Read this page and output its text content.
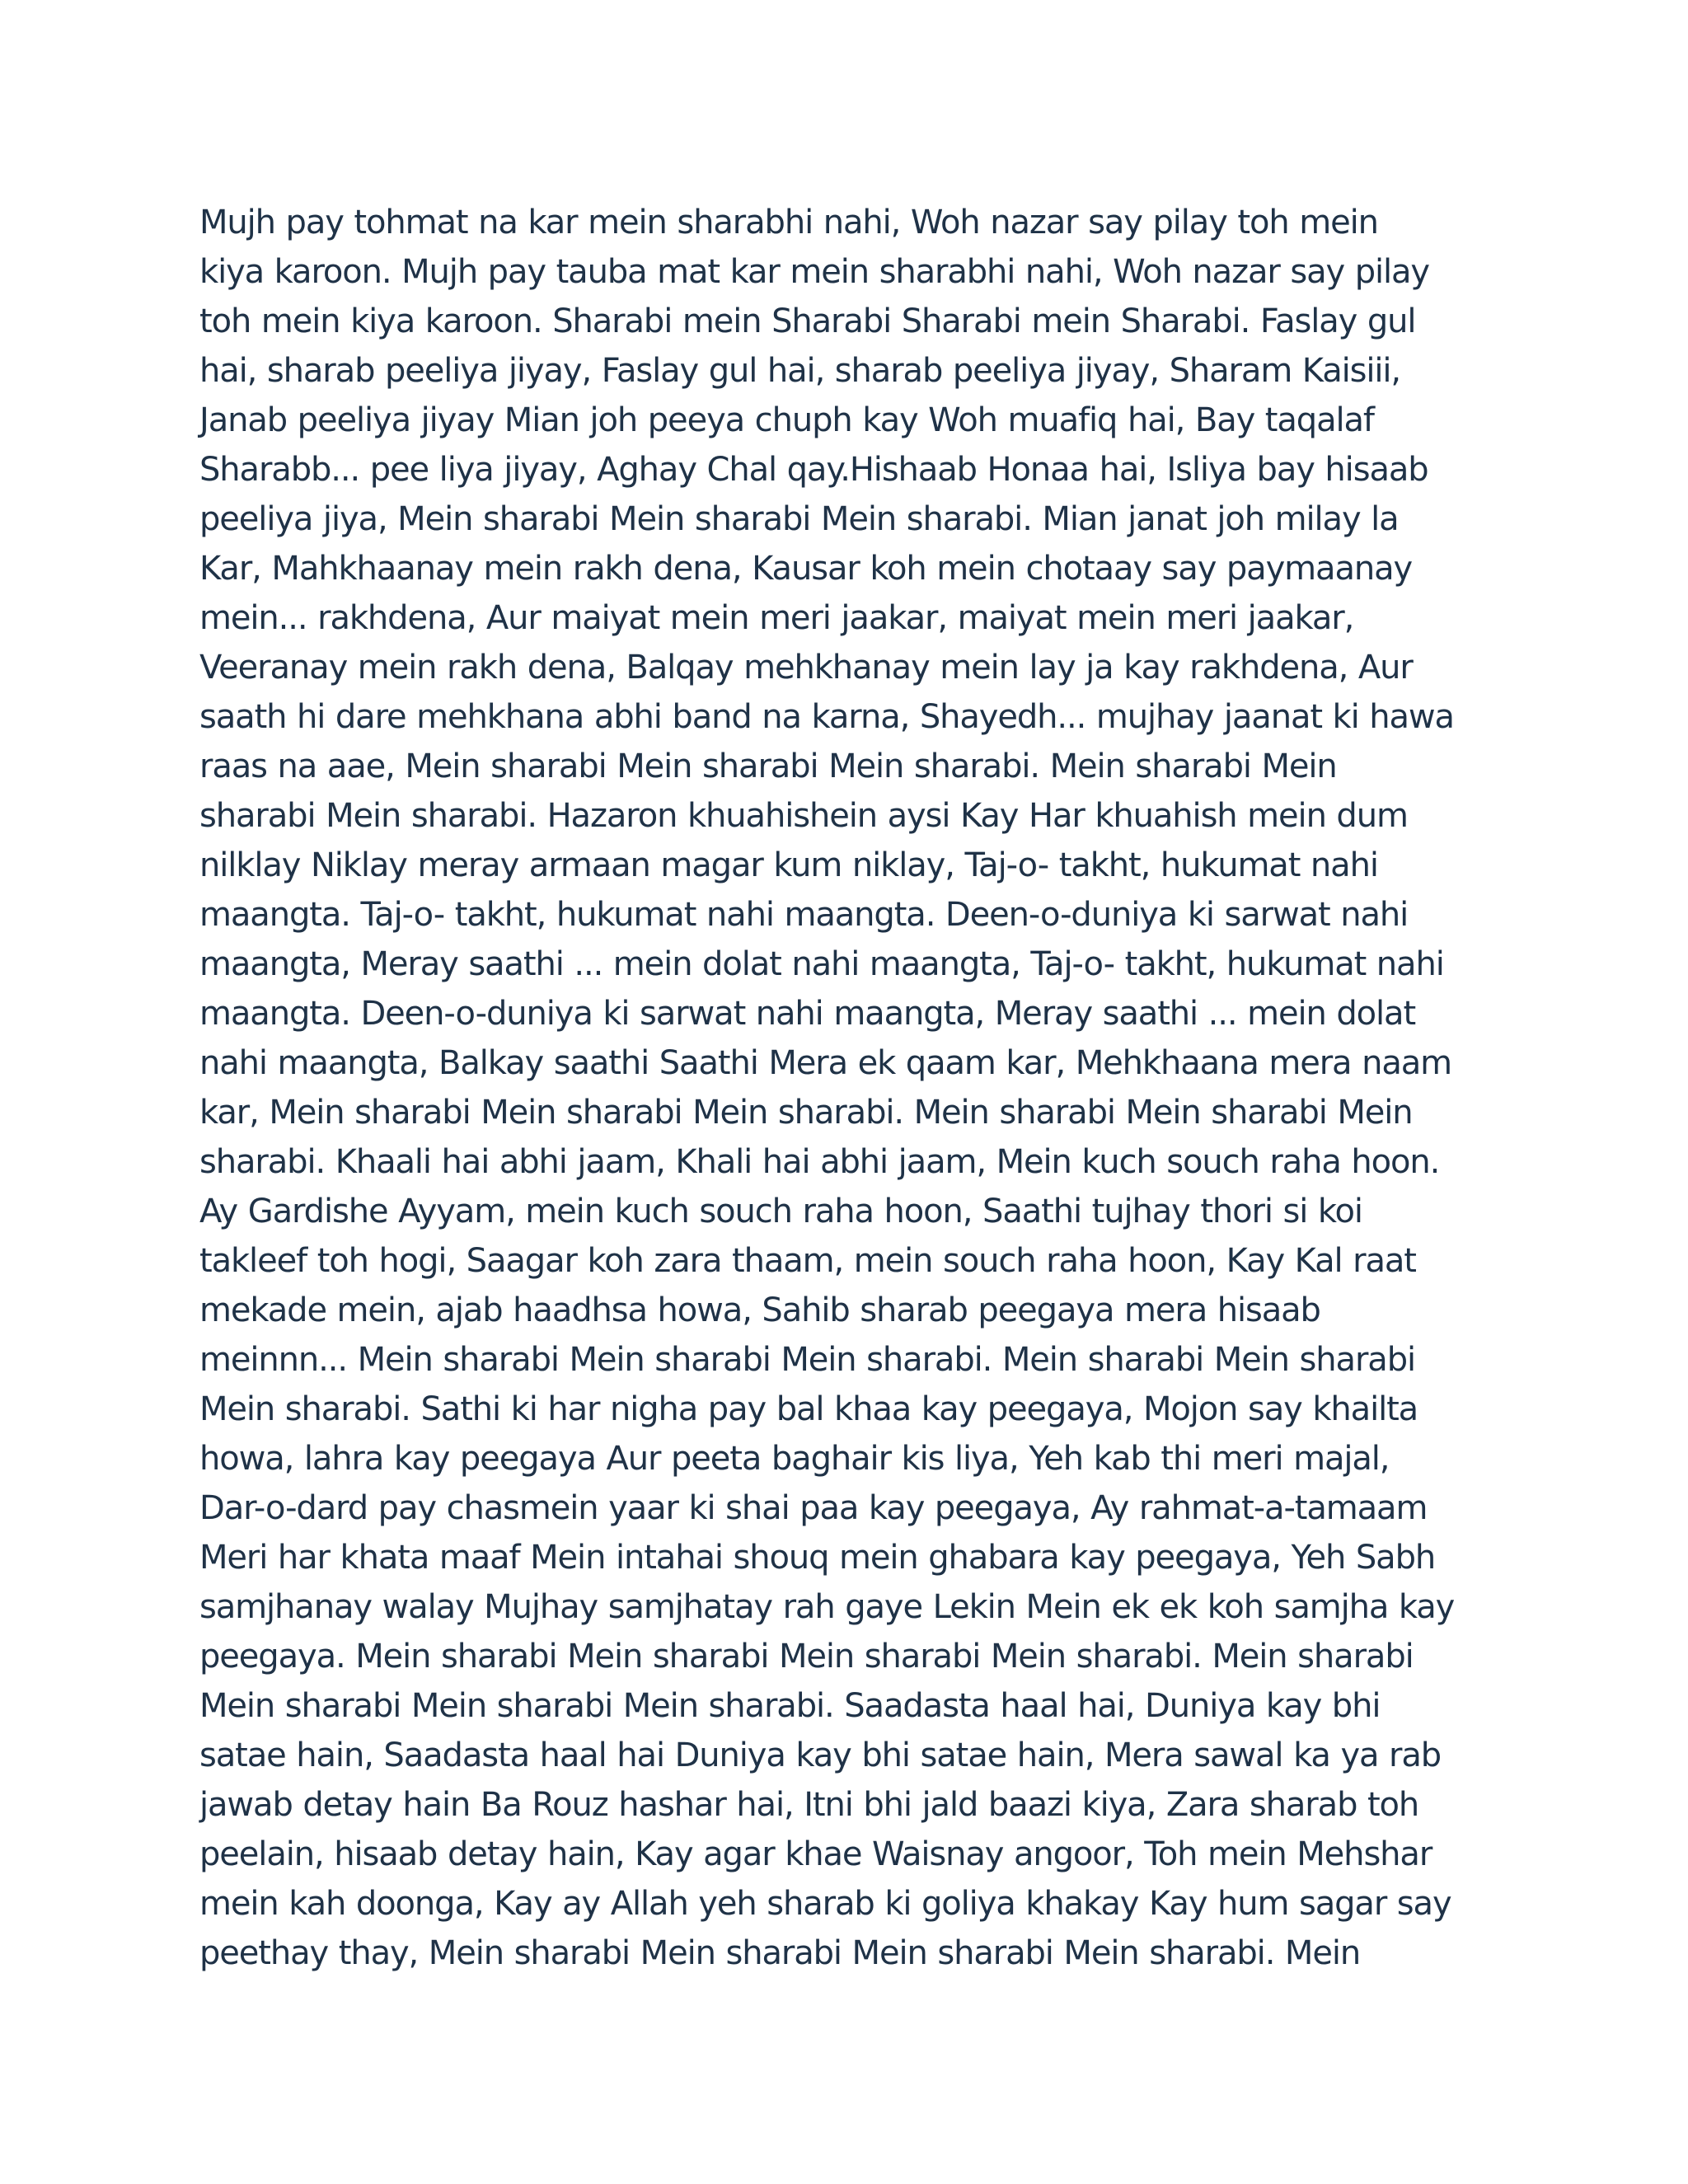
Mujh pay tohmat na kar mein sharabhi nahi, Woh nazar say pilay toh mein
kiya karoon. Mujh pay tauba mat kar mein sharabhi nahi, Woh nazar say pilay
toh mein kiya karoon. Sharabi mein Sharabi Sharabi mein Sharabi. Faslay gul
hai, sharab peeliya jiyay, Faslay gul hai, sharab peeliya jiyay, Sharam Kaisiii,
Janab peeliya jiyay Mian joh peeya chuph kay Woh muafiq hai, Bay taqalaf
Sharabb... pee liya jiyay, Aghay Chal qay.Hishaab Honaa hai, Isliya bay hisaab
peeliya jiya, Mein sharabi Mein sharabi Mein sharabi. Mian janat joh milay la
Kar, Mahkhaanay mein rakh dena, Kausar koh mein chotaay say paymaanay
mein... rakhdena, Aur maiyat mein meri jaakar, maiyat mein meri jaakar,
Veeranay mein rakh dena, Balqay mehkhanay mein lay ja kay rakhdena, Aur
saath hi dare mehkhana abhi band na karna, Shayedh... mujhay jaanat ki hawa
raas na aae, Mein sharabi Mein sharabi Mein sharabi. Mein sharabi Mein
sharabi Mein sharabi. Hazaron khuahishein aysi Kay Har khuahish mein dum
nilklay Niklay meray armaan magar kum niklay, Taj-o- takht, hukumat nahi
maangta. Taj-o- takht, hukumat nahi maangta. Deen-o-duniya ki sarwat nahi
maangta, Meray saathi ... mein dolat nahi maangta, Taj-o- takht, hukumat nahi
maangta. Deen-o-duniya ki sarwat nahi maangta, Meray saathi ... mein dolat
nahi maangta, Balkay saathi Saathi Mera ek qaam kar, Mehkhaana mera naam
kar, Mein sharabi Mein sharabi Mein sharabi. Mein sharabi Mein sharabi Mein
sharabi. Khaali hai abhi jaam, Khali hai abhi jaam, Mein kuch souch raha hoon.
Ay Gardishe Ayyam, mein kuch souch raha hoon, Saathi tujhay thori si koi
takleef toh hogi, Saagar koh zara thaam, mein souch raha hoon, Kay Kal raat
mekade mein, ajab haadhsa howa, Sahib sharab peegaya mera hisaab
meinnn... Mein sharabi Mein sharabi Mein sharabi. Mein sharabi Mein sharabi
Mein sharabi. Sathi ki har nigha pay bal khaa kay peegaya, Mojon say khailta
howa, lahra kay peegaya Aur peeta baghair kis liya, Yeh kab thi meri majal,
Dar-o-dard pay chasmein yaar ki shai paa kay peegaya, Ay rahmat-a-tamaam
Meri har khata maaf Mein intahai shouq mein ghabara kay peegaya, Yeh Sabh
samjhanay walay Mujhay samjhatay rah gaye Lekin Mein ek ek koh samjha kay
peegaya. Mein sharabi Mein sharabi Mein sharabi Mein sharabi. Mein sharabi
Mein sharabi Mein sharabi Mein sharabi. Saadasta haal hai, Duniya kay bhi
satae hain, Saadasta haal hai Duniya kay bhi satae hain, Mera sawal ka ya rab
jawab detay hain Ba Rouz hashar hai, Itni bhi jald baazi kiya, Zara sharab toh
peelain, hisaab detay hain, Kay agar khae Waisnay angoor, Toh mein Mehshar
mein kah doonga, Kay ay Allah yeh sharab ki goliya khakay Kay hum sagar say
peethay thay, Mein sharabi Mein sharabi Mein sharabi Mein sharabi. Mein
